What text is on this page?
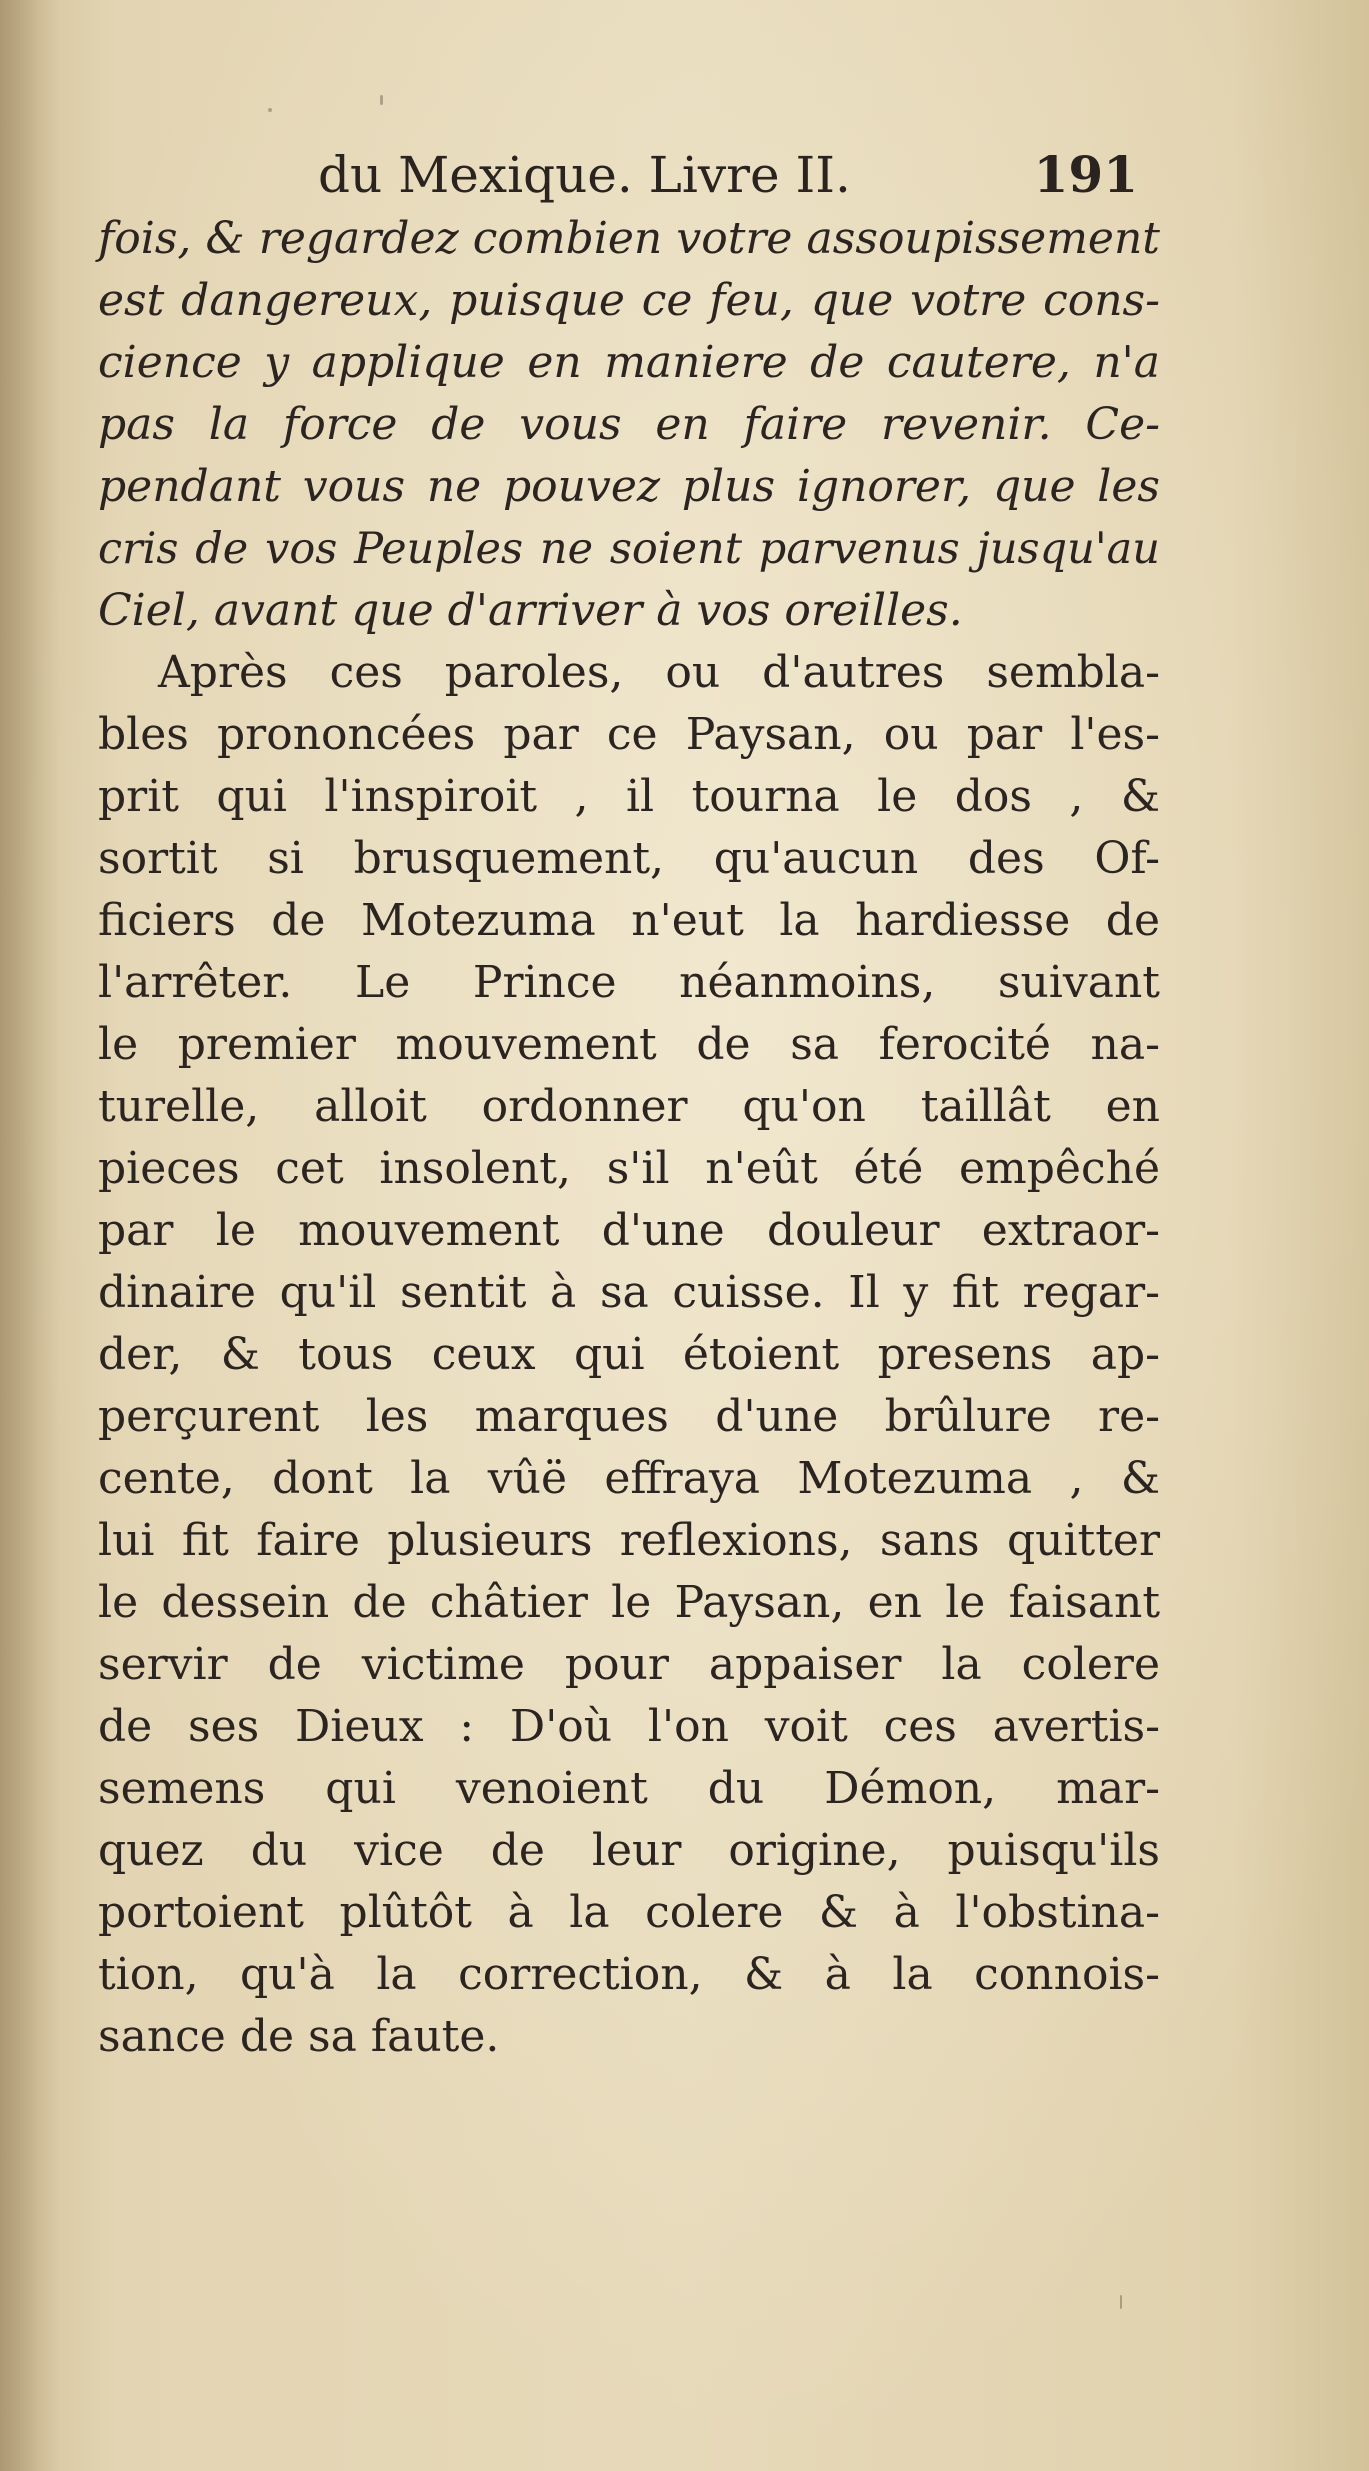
du Mexique. Livre II.	191
fois, & regardez combien votre assoupissement
est dangereux, puisque ce feu, que votre cons-
cience y applique en maniere de cautere, n'a
pas la force de vous en faire revenir. Ce-
pendant vous ne pouvez plus ignorer, que les
cris de vos Peuples ne soient parvenus jusqu'au
Ciel, avant que d'arriver à vos oreilles.
Après ces paroles, ou d'autres sembla-
bles prononcées par ce Paysan, ou par l'es-
prit qui l'inspiroit , il tourna le dos , &
sortit si brusquement, qu'aucun des Of-
ficiers de Motezuma n'eut la hardiesse de
l'arrêter. Le Prince néanmoins, suivant
le premier mouvement de sa ferocité na-
turelle, alloit ordonner qu'on taillât en
pieces cet insolent, s'il n'eût été empêché
par le mouvement d'une douleur extraor-
dinaire qu'il sentit à sa cuisse. Il y fit regar-
der, & tous ceux qui étoient presens ap-
perçurent les marques d'une brûlure re-
cente, dont la vûë effraya Motezuma , &
lui fit faire plusieurs reflexions, sans quitter
le dessein de châtier le Paysan, en le faisant
servir de victime pour appaiser la colere
de ses Dieux : D'où l'on voit ces avertis-
semens qui venoient du Démon, mar-
quez du vice de leur origine, puisqu'ils
portoient plûtôt à la colere & à l'obstina-
tion, qu'à la correction, & à la connois-
sance de sa faute.
